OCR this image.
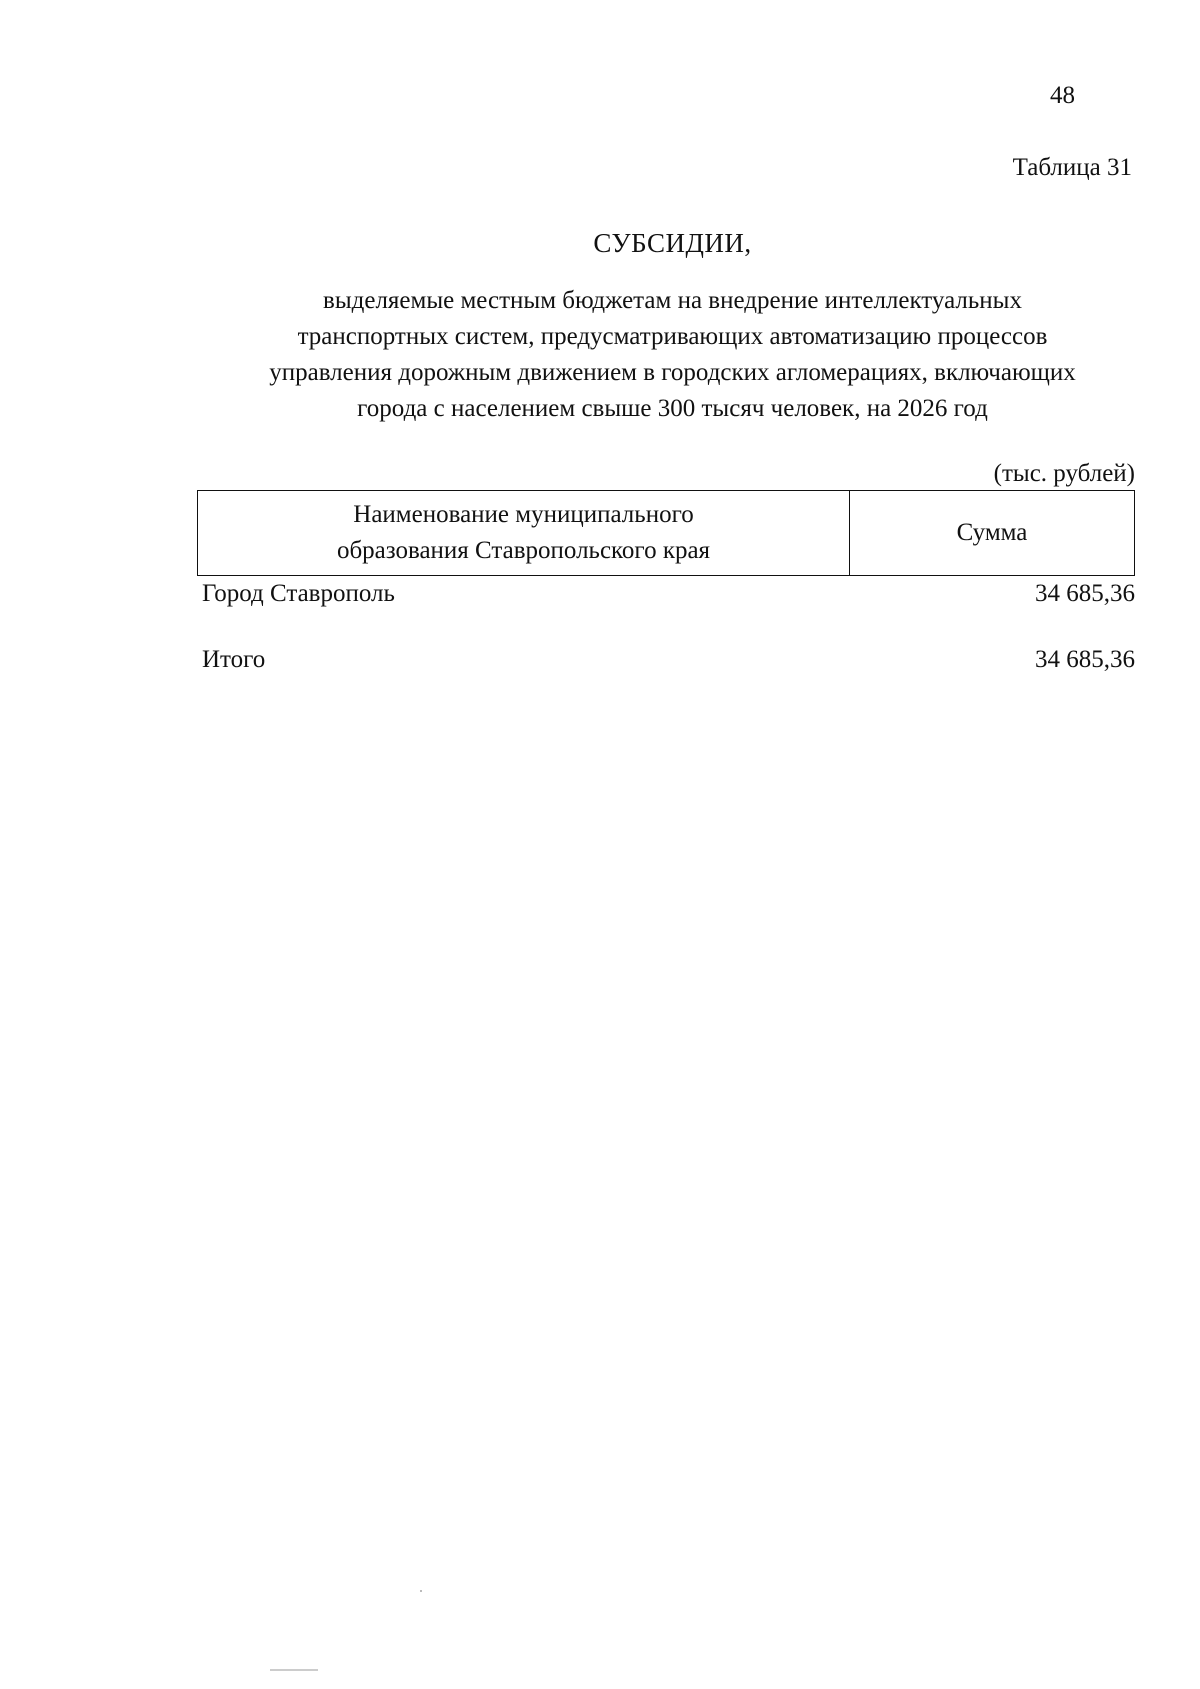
48
Таблица 31
СУБСИДИИ,
выделяемые местным бюджетам на внедрение интеллектуальных
транспортных систем, предусматривающих автоматизацию процессов
управления дорожным движением в городских агломерациях, включающих
города с населением свыше 300 тысяч человек, на 2026 год
(тыс. рублей)
Наименование муниципального
образования Ставропольского края
Сумма
Город Ставрополь	34 685,36
Итого	34 685,36
